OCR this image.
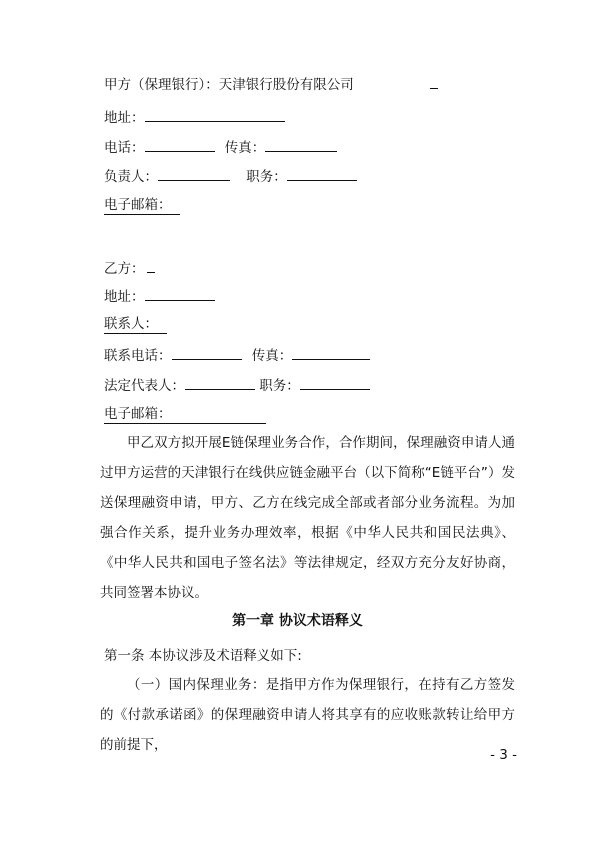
甲方（保理银行）：天津银行股份有限公司
地址：
电话：	传真：
负责人：	职务：
电子邮箱：
乙方：
地址：
联系人：
联系电话：	传真：
法定代表人：	职务：
电子邮箱：

甲乙双方拟开展E链保理业务合作，合作期间，保理融资申请人通过甲方运营的天津银行在线供应链金融平台（以下简称“E链平台”）发送保理融资申请，甲方、乙方在线完成全部或者部分业务流程。为加强合作关系，提升业务办理效率，根据《中华人民共和国民法典》、《中华人民共和国电子签名法》等法律规定，经双方充分友好协商，共同签署本协议。

第一章 协议术语释义
第一条 本协议涉及术语释义如下:

（一）国内保理业务：是指甲方作为保理银行，在持有乙方签发的《付款承诺函》的保理融资申请人将其享有的应收账款转让给甲方的前提下，

- 3 -
